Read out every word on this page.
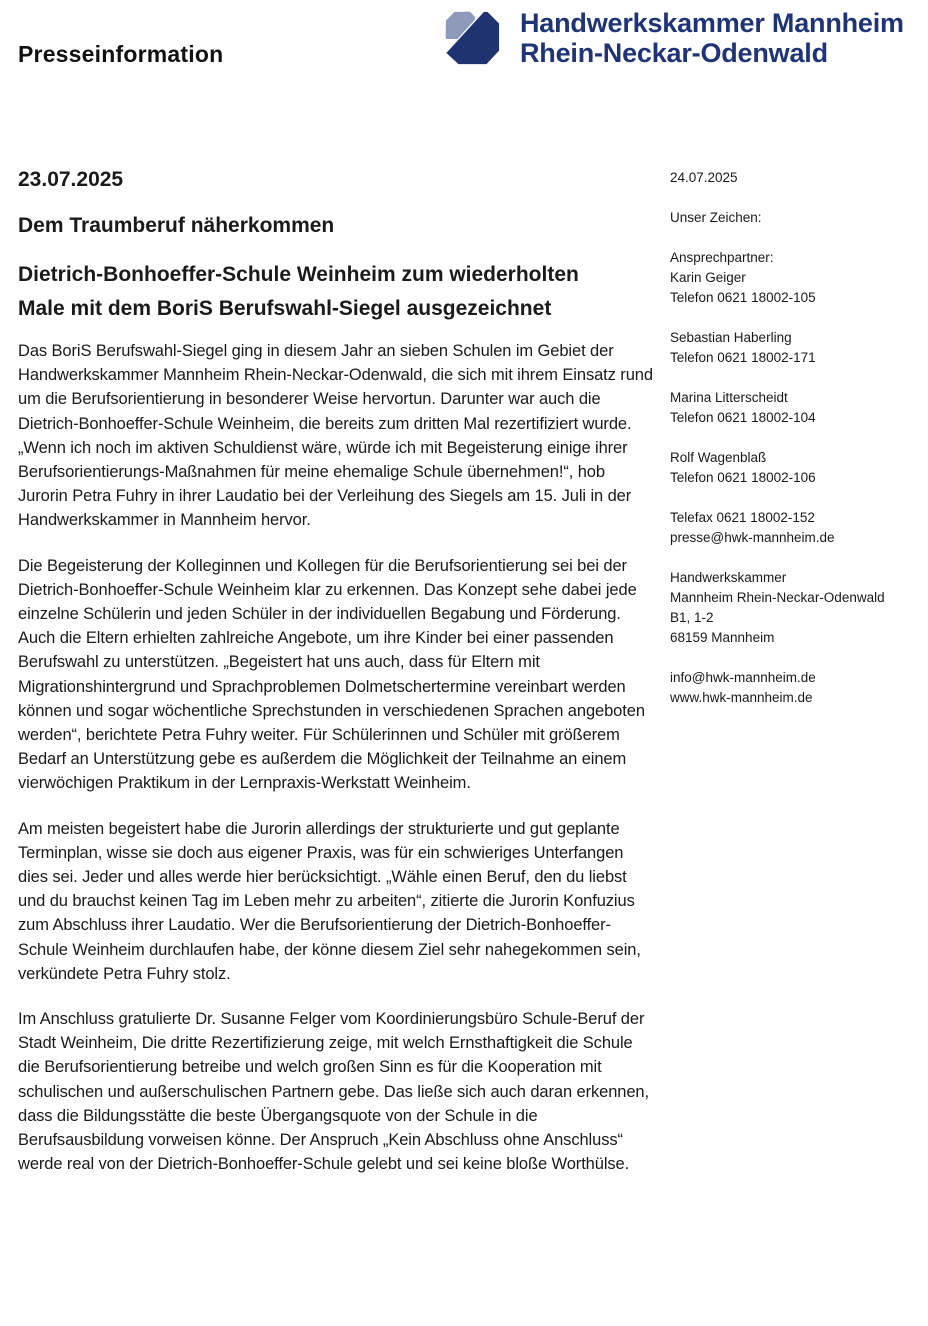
Presseinformation
Handwerkskammer Mannheim
Rhein-Neckar-Odenwald
23.07.2025
Dem Traumberuf näherkommen
Dietrich-Bonhoeffer-Schule Weinheim zum wiederholten Male mit dem BoriS Berufswahl-Siegel ausgezeichnet

Das BoriS Berufswahl-Siegel ging in diesem Jahr an sieben Schulen im Gebiet der Handwerkskammer Mannheim Rhein-Neckar-Odenwald, die sich mit ihrem Einsatz rund um die Berufsorientierung in besonderer Weise hervortun. Darunter war auch die Dietrich-Bonhoeffer-Schule Weinheim, die bereits zum dritten Mal rezertifiziert wurde. „Wenn ich noch im aktiven Schuldienst wäre, würde ich mit Begeisterung einige ihrer Berufsorientierungs-Maßnahmen für meine ehemalige Schule übernehmen!“, hob Jurorin Petra Fuhry in ihrer Laudatio bei der Verleihung des Siegels am 15. Juli in der Handwerkskammer in Mannheim hervor.

Die Begeisterung der Kolleginnen und Kollegen für die Berufsorientierung sei bei der Dietrich-Bonhoeffer-Schule Weinheim klar zu erkennen. Das Konzept sehe dabei jede einzelne Schülerin und jeden Schüler in der individuellen Begabung und Förderung. Auch die Eltern erhielten zahlreiche Angebote, um ihre Kinder bei einer passenden Berufswahl zu unterstützen. „Begeistert hat uns auch, dass für Eltern mit Migrationshintergrund und Sprachproblemen Dolmetschertermine vereinbart werden können und sogar wöchentliche Sprechstunden in verschiedenen Sprachen angeboten werden“, berichtete Petra Fuhry weiter. Für Schülerinnen und Schüler mit größerem Bedarf an Unterstützung gebe es außerdem die Möglichkeit der Teilnahme an einem vierwöchigen Praktikum in der Lernpraxis-Werkstatt Weinheim.

Am meisten begeistert habe die Jurorin allerdings der strukturierte und gut geplante Terminplan, wisse sie doch aus eigener Praxis, was für ein schwieriges Unterfangen dies sei. Jeder und alles werde hier berücksichtigt. „Wähle einen Beruf, den du liebst und du brauchst keinen Tag im Leben mehr zu arbeiten“, zitierte die Jurorin Konfuzius zum Abschluss ihrer Laudatio. Wer die Berufsorientierung der Dietrich-Bonhoeffer-Schule Weinheim durchlaufen habe, der könne diesem Ziel sehr nahegekommen sein, verkündete Petra Fuhry stolz.

Im Anschluss gratulierte Dr. Susanne Felger vom Koordinierungsbüro Schule-Beruf der Stadt Weinheim, Die dritte Rezertifizierung zeige, mit welch Ernsthaftigkeit die Schule die Berufsorientierung betreibe und welch großen Sinn es für die Kooperation mit schulischen und außerschulischen Partnern gebe. Das ließe sich auch daran erkennen, dass die Bildungsstätte die beste Übergangsquote von der Schule in die Berufsausbildung vorweisen könne. Der Anspruch „Kein Abschluss ohne Anschluss“ werde real von der Dietrich-Bonhoeffer-Schule gelebt und sei keine bloße Worthülse.

24.07.2025
Unser Zeichen:
Ansprechpartner:
Karin Geiger
Telefon 0621 18002-105
Sebastian Haberling
Telefon 0621 18002-171
Marina Litterscheidt
Telefon 0621 18002-104
Rolf Wagenblaß
Telefon 0621 18002-106
Telefax 0621 18002-152
presse@hwk-mannheim.de
Handwerkskammer
Mannheim Rhein-Neckar-Odenwald
B1, 1-2
68159 Mannheim
info@hwk-mannheim.de
www.hwk-mannheim.de
